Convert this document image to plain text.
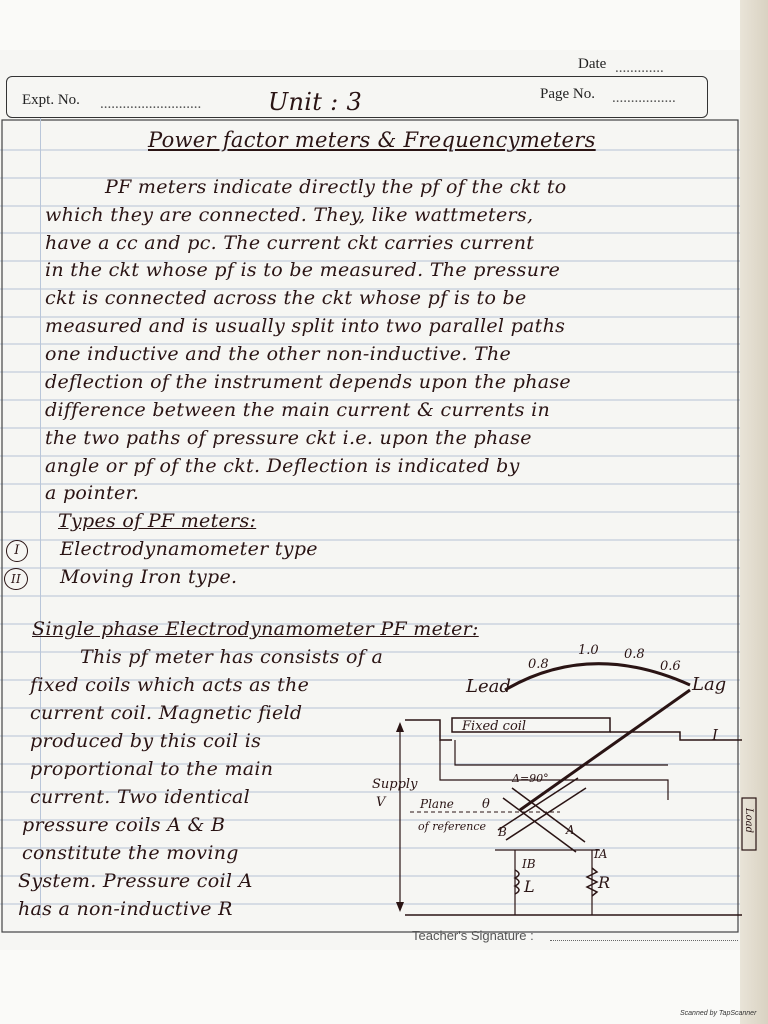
Date .............
Expt. No. ...........................	Unit : 3	Page No. .................
Power factor meters & Frequencymeters
PF meters indicate directly the pf of the ckt to
which they are connected. They, like wattmeters,
have a cc and pc. The current ckt carries current
in the ckt whose pf is to be measured. The pressure
ckt is connected across the ckt whose pf is to be
measured and is usually split into two parallel paths
one inductive and the other non-inductive. The
deflection of the instrument depends upon the phase
difference between the main current & currents in
the two paths of pressure ckt i.e. upon the phase
angle or pf of the ckt. Deflection is indicated by
a pointer.
Types of PF meters:
I	Electrodynamometer type
II	Moving Iron type.
Single phase Electrodynamometer PF meter:
This pf meter has consists of a
fixed coils which acts as the
current coil. Magnetic field
produced by this coil is
proportional to the main
current. Two identical
pressure coils A & B
constitute the moving
System. Pressure coil A
has a non-inductive R
Lead	Lag
0.8
1.0 0.8
0.6
Fixed coil	I
Supply
V
Δ=90°
Plane θ
of reference B	A
IB
IA
L	R
Load
Teacher's Signature :
Scanned by TapScanner
